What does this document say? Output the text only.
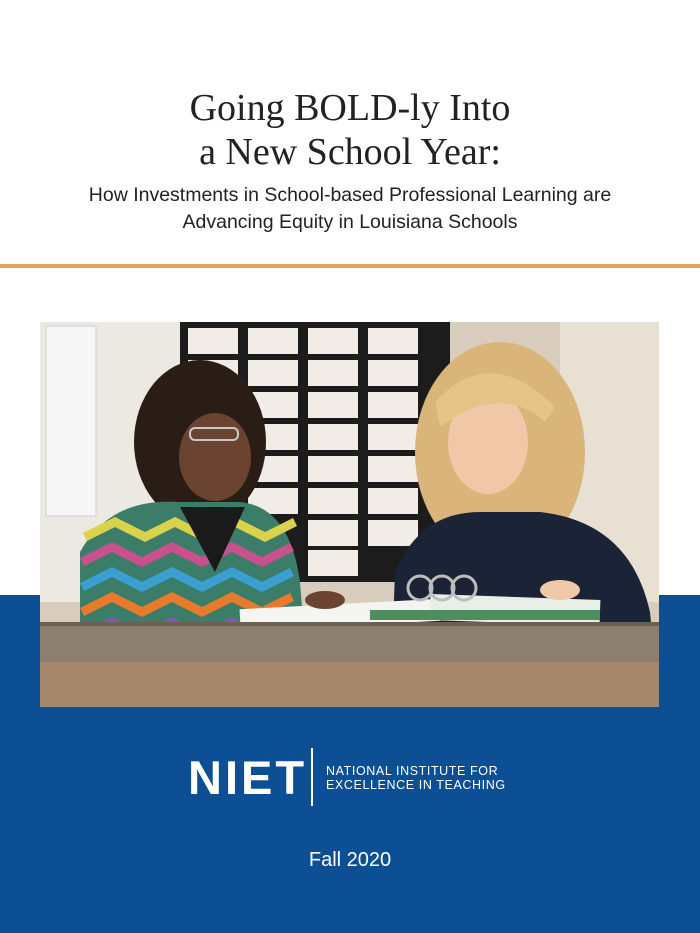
Going BOLD-ly Into
a New School Year:
How Investments in School-based Professional Learning are
Advancing Equity in Louisiana Schools
NIET NATIONAL INSTITUTE FOR
EXCELLENCE IN TEACHING
Fall 2020
